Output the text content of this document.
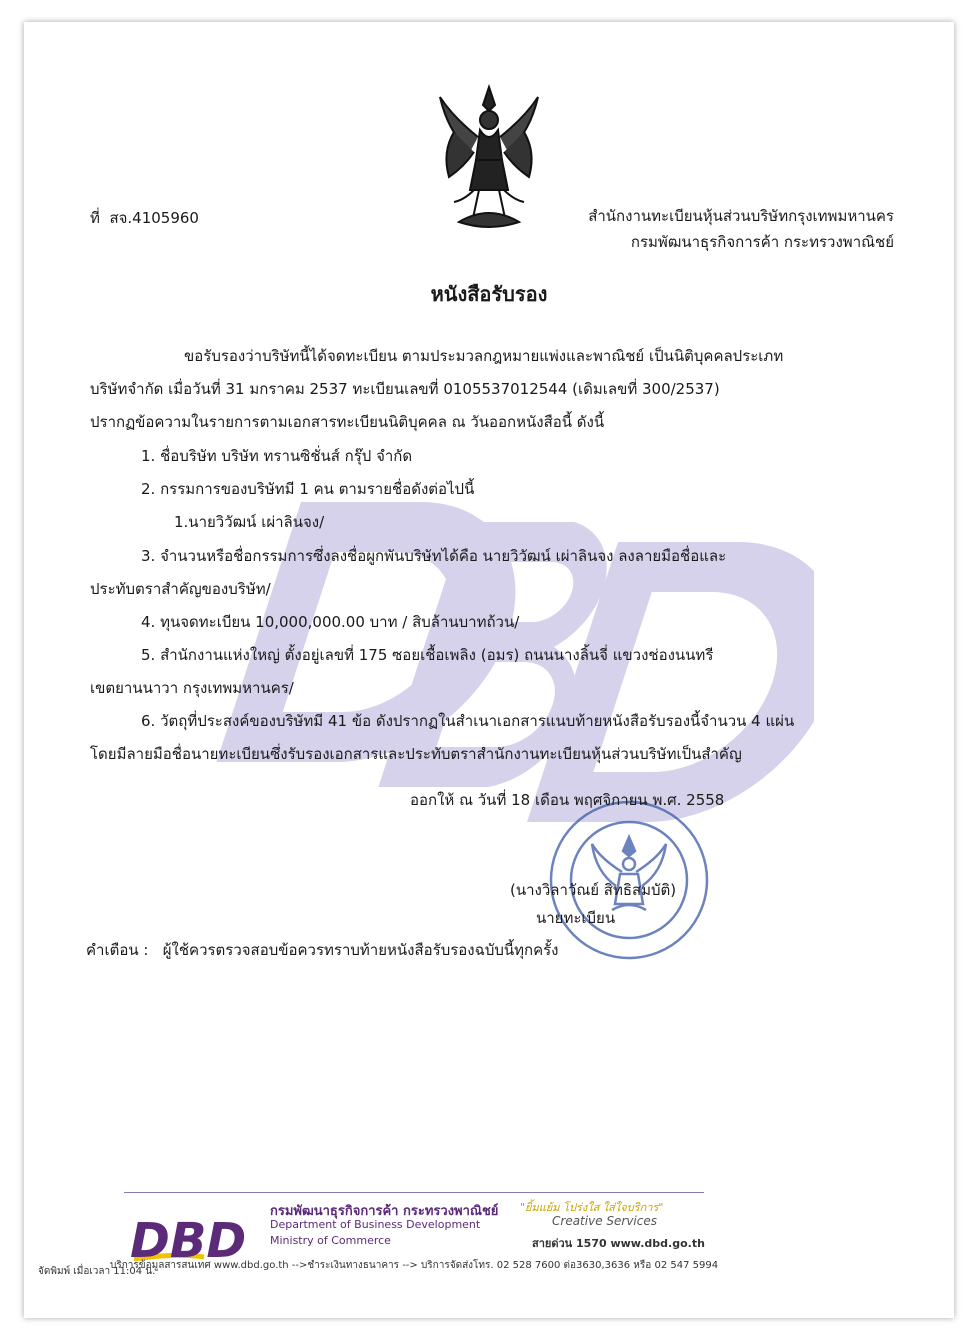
ที่ สจ.4105960	สำนักงานทะเบียนหุ้นส่วนบริษัทกรุงเทพมหานคร
กรมพัฒนาธุรกิจการค้า กระทรวงพาณิชย์
หนังสือรับรอง
ขอรับรองว่าบริษัทนี้ได้จดทะเบียน ตามประมวลกฎหมายแพ่งและพาณิชย์ เป็นนิติบุคคลประเภท
บริษัทจำกัด เมื่อวันที่ 31 มกราคม 2537 ทะเบียนเลขที่ 0105537012544 (เดิมเลขที่ 300/2537)
ปรากฏข้อความในรายการตามเอกสารทะเบียนนิติบุคคล ณ วันออกหนังสือนี้ ดังนี้
1. ชื่อบริษัท บริษัท ทรานซิชั่นส์ กรุ๊ป จำกัด
2. กรรมการของบริษัทมี 1 คน ตามรายชื่อดังต่อไปนี้
1.นายวิวัฒน์ เผ่าลินจง/
3. จำนวนหรือชื่อกรรมการซึ่งลงชื่อผูกพันบริษัทได้คือ นายวิวัฒน์ เผ่าลินจง ลงลายมือชื่อและ
ประทับตราสำคัญของบริษัท/
4. ทุนจดทะเบียน 10,000,000.00 บาท / สิบล้านบาทถ้วน/
5. สำนักงานแห่งใหญ่ ตั้งอยู่เลขที่ 175 ซอยเชื้อเพลิง (อมร) ถนนนางลิ้นจี่ แขวงช่องนนทรี
เขตยานนาวา กรุงเทพมหานคร/
6. วัตถุที่ประสงค์ของบริษัทมี 41 ข้อ ดังปรากฏในสำเนาเอกสารแนบท้ายหนังสือรับรองนี้จำนวน 4 แผ่น
โดยมีลายมือชื่อนายทะเบียนซึ่งรับรองเอกสารและประทับตราสำนักงานทะเบียนหุ้นส่วนบริษัทเป็นสำคัญ
ออกให้ ณ วันที่ 18 เดือน พฤศจิกายน พ.ศ. 2558
(นางวิลาวัณย์ สิทธิสมบัติ)
นายทะเบียน
คำเตือน : ผู้ใช้ควรตรวจสอบข้อควรทราบท้ายหนังสือรับรองฉบับนี้ทุกครั้ง
DBD
กรมพัฒนาธุรกิจการค้า กระทรวงพาณิชย์
Department of Business Development
Ministry of Commerce
"ยิ้มแย้ม โปร่งใส ใส่ใจบริการ"
Creative Services
สายด่วน 1570 www.dbd.go.th
บริการข้อมูลสารสนเทศ www.dbd.go.th -->ชำระเงินทางธนาคาร --> บริการจัดส่งโทร. 02 528 7600 ต่อ3630,3636 หรือ 02 547 5994
จัดพิมพ์ เมื่อเวลา 11:04 น.
